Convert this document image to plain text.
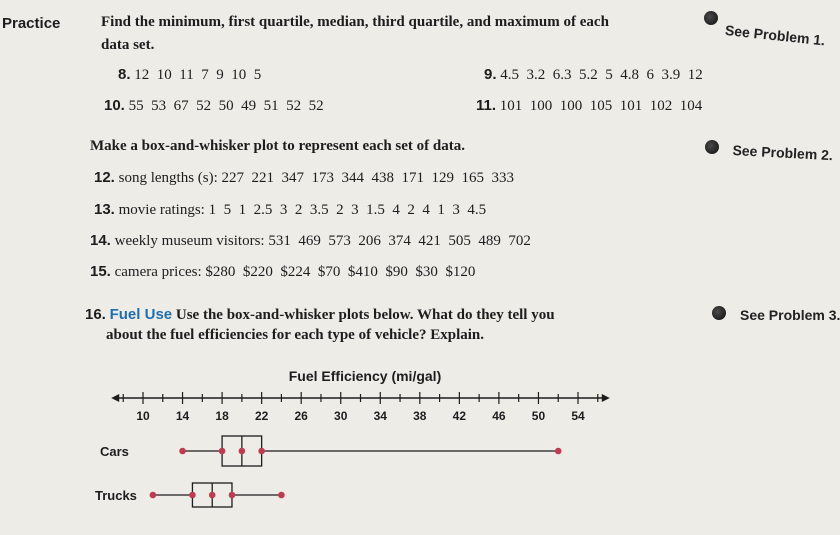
Practice	Find the minimum, first quartile, median, third quartile, and maximum of each
data set.	See Problem 1.
8. 12  10  11  7  9  10  5	9. 4.5  3.2  6.3  5.2  5  4.8  6  3.9  12
10. 55  53  67  52  50  49  51  52  52	11. 101  100  100  105  101  102  104
Make a box-and-whisker plot to represent each set of data.	See Problem 2.
12. song lengths (s): 227  221  347  173  344  438  171  129  165  333
13. movie ratings: 1  5  1  2.5  3  2  3.5  2  3  1.5  4  2  4  1  3  4.5
14. weekly museum visitors: 531  469  573  206  374  421  505  489  702
15. camera prices: $280  $220  $224  $70  $410  $90  $30  $120
16. Fuel Use Use the box-and-whisker plots below. What do they tell you
about the fuel efficiencies for each type of vehicle? Explain.
See Problem 3.
Fuel Efficiency (mi/gal)
10 14 18 22 26 30 34 38 42 46 50 54
Cars
Trucks
